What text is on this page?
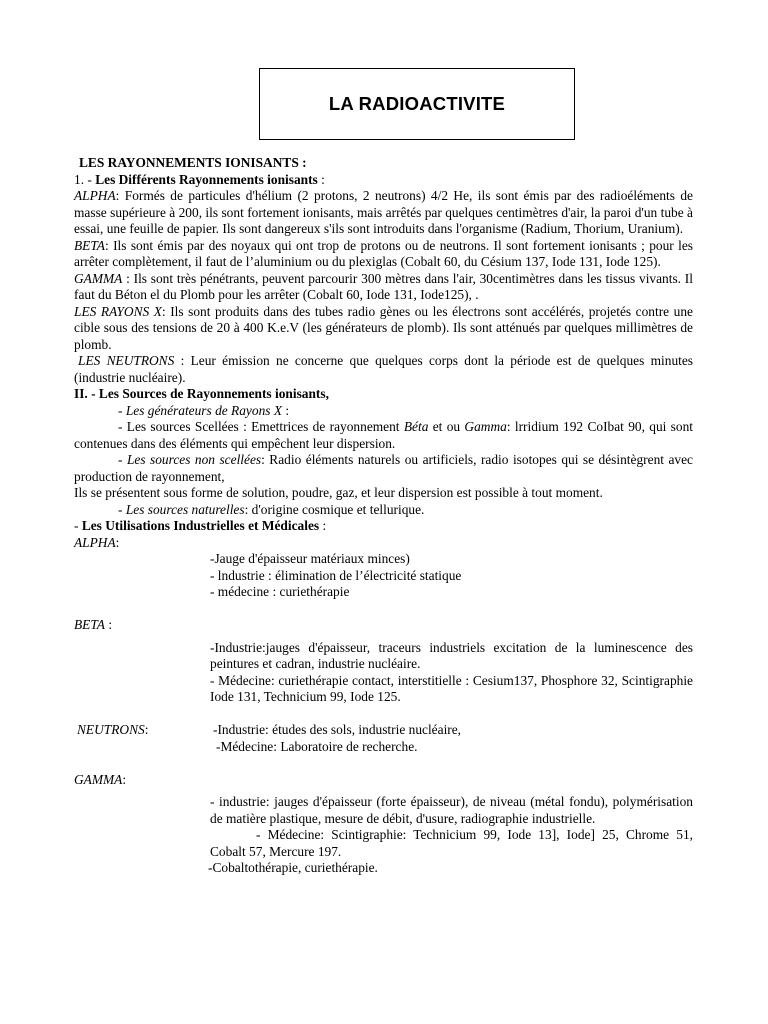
LA RADIOACTIVITE

LES RAYONNEMENTS IONISANTS :

1. - Les Différents Rayonnements ionisants :

ALPHA: Formés de particules d'hélium (2 protons, 2 neutrons) 4/2 He, ils sont émis par des radioéléments de masse supérieure à 200, ils sont fortement ionisants, mais arrêtés par quelques centimètres d'air, la paroi d'un tube à essai, une feuille de papier. Ils sont dangereux s'ils sont introduits dans l'organisme (Radium, Thorium, Uranium).

BETA: Ils sont émis par des noyaux qui ont trop de protons ou de neutrons. Il sont fortement ionisants ; pour les arrêter complètement, il faut de l’aluminium ou du plexiglas (Cobalt 60, du Césium 137, Iode 131, Iode 125).

GAMMA : Ils sont très pénétrants, peuvent parcourir 300 mètres dans l'air, 30centimètres dans les tissus vivants. Il faut du Béton el du Plomb pour les arrêter (Cobalt 60, Iode 131, Iode125), .

LES RAYONS X: Ils sont produits dans des tubes radio gènes ou les électrons sont accélérés, projetés contre une cible sous des tensions de 20 à 400 K.e.V (les générateurs de plomb). Ils sont atténués par quelques millimètres de plomb.

LES NEUTRONS : Leur émission ne concerne que quelques corps dont la période est de quelques minutes (industrie nucléaire).

II. - Les Sources de Rayonnements ionisants,

- Les générateurs de Rayons X :

- Les sources Scellées : Emettrices de rayonnement Béta et ou Gamma: lrridium 192 CoIbat 90, qui sont contenues dans des éléments qui empêchent leur dispersion.

- Les sources non scellées: Radio éléments naturels ou artificiels, radio isotopes qui se désintègrent avec production de rayonnement,

Ils se présentent sous forme de solution, poudre, gaz, et leur dispersion est possible à tout moment.

- Les sources naturelles: d'origine cosmique et tellurique.

- Les Utilisations Industrielles et Médicales :

ALPHA:

-Jauge d'épaisseur matériaux minces)

- lndustrie : élimination de l’électricité statique

- médecine : curiethérapie

BETA :

-Industrie:jauges d'épaisseur, traceurs industriels excitation de la luminescence des peintures et cadran, industrie nucléaire.

- Médecine: curiethérapie contact, interstitielle : Cesium137, Phosphore 32, Scintigraphie Iode 131, Technicium 99, Iode 125.

NEUTRONS:	-Industrie: études des sols, industrie nucléaire,

-Médecine: Laboratoire de recherche.

GAMMA:

- industrie: jauges d'épaisseur (forte épaisseur), de niveau (métal fondu), polymérisation de matière plastique, mesure de débit, d'usure, radiographie industrielle.

- Médecine: Scintigraphie: Technicium 99, Iode 13], Iode] 25, Chrome 51, Cobalt 57, Mercure 197.

-Cobaltothérapie, curiethérapie.
